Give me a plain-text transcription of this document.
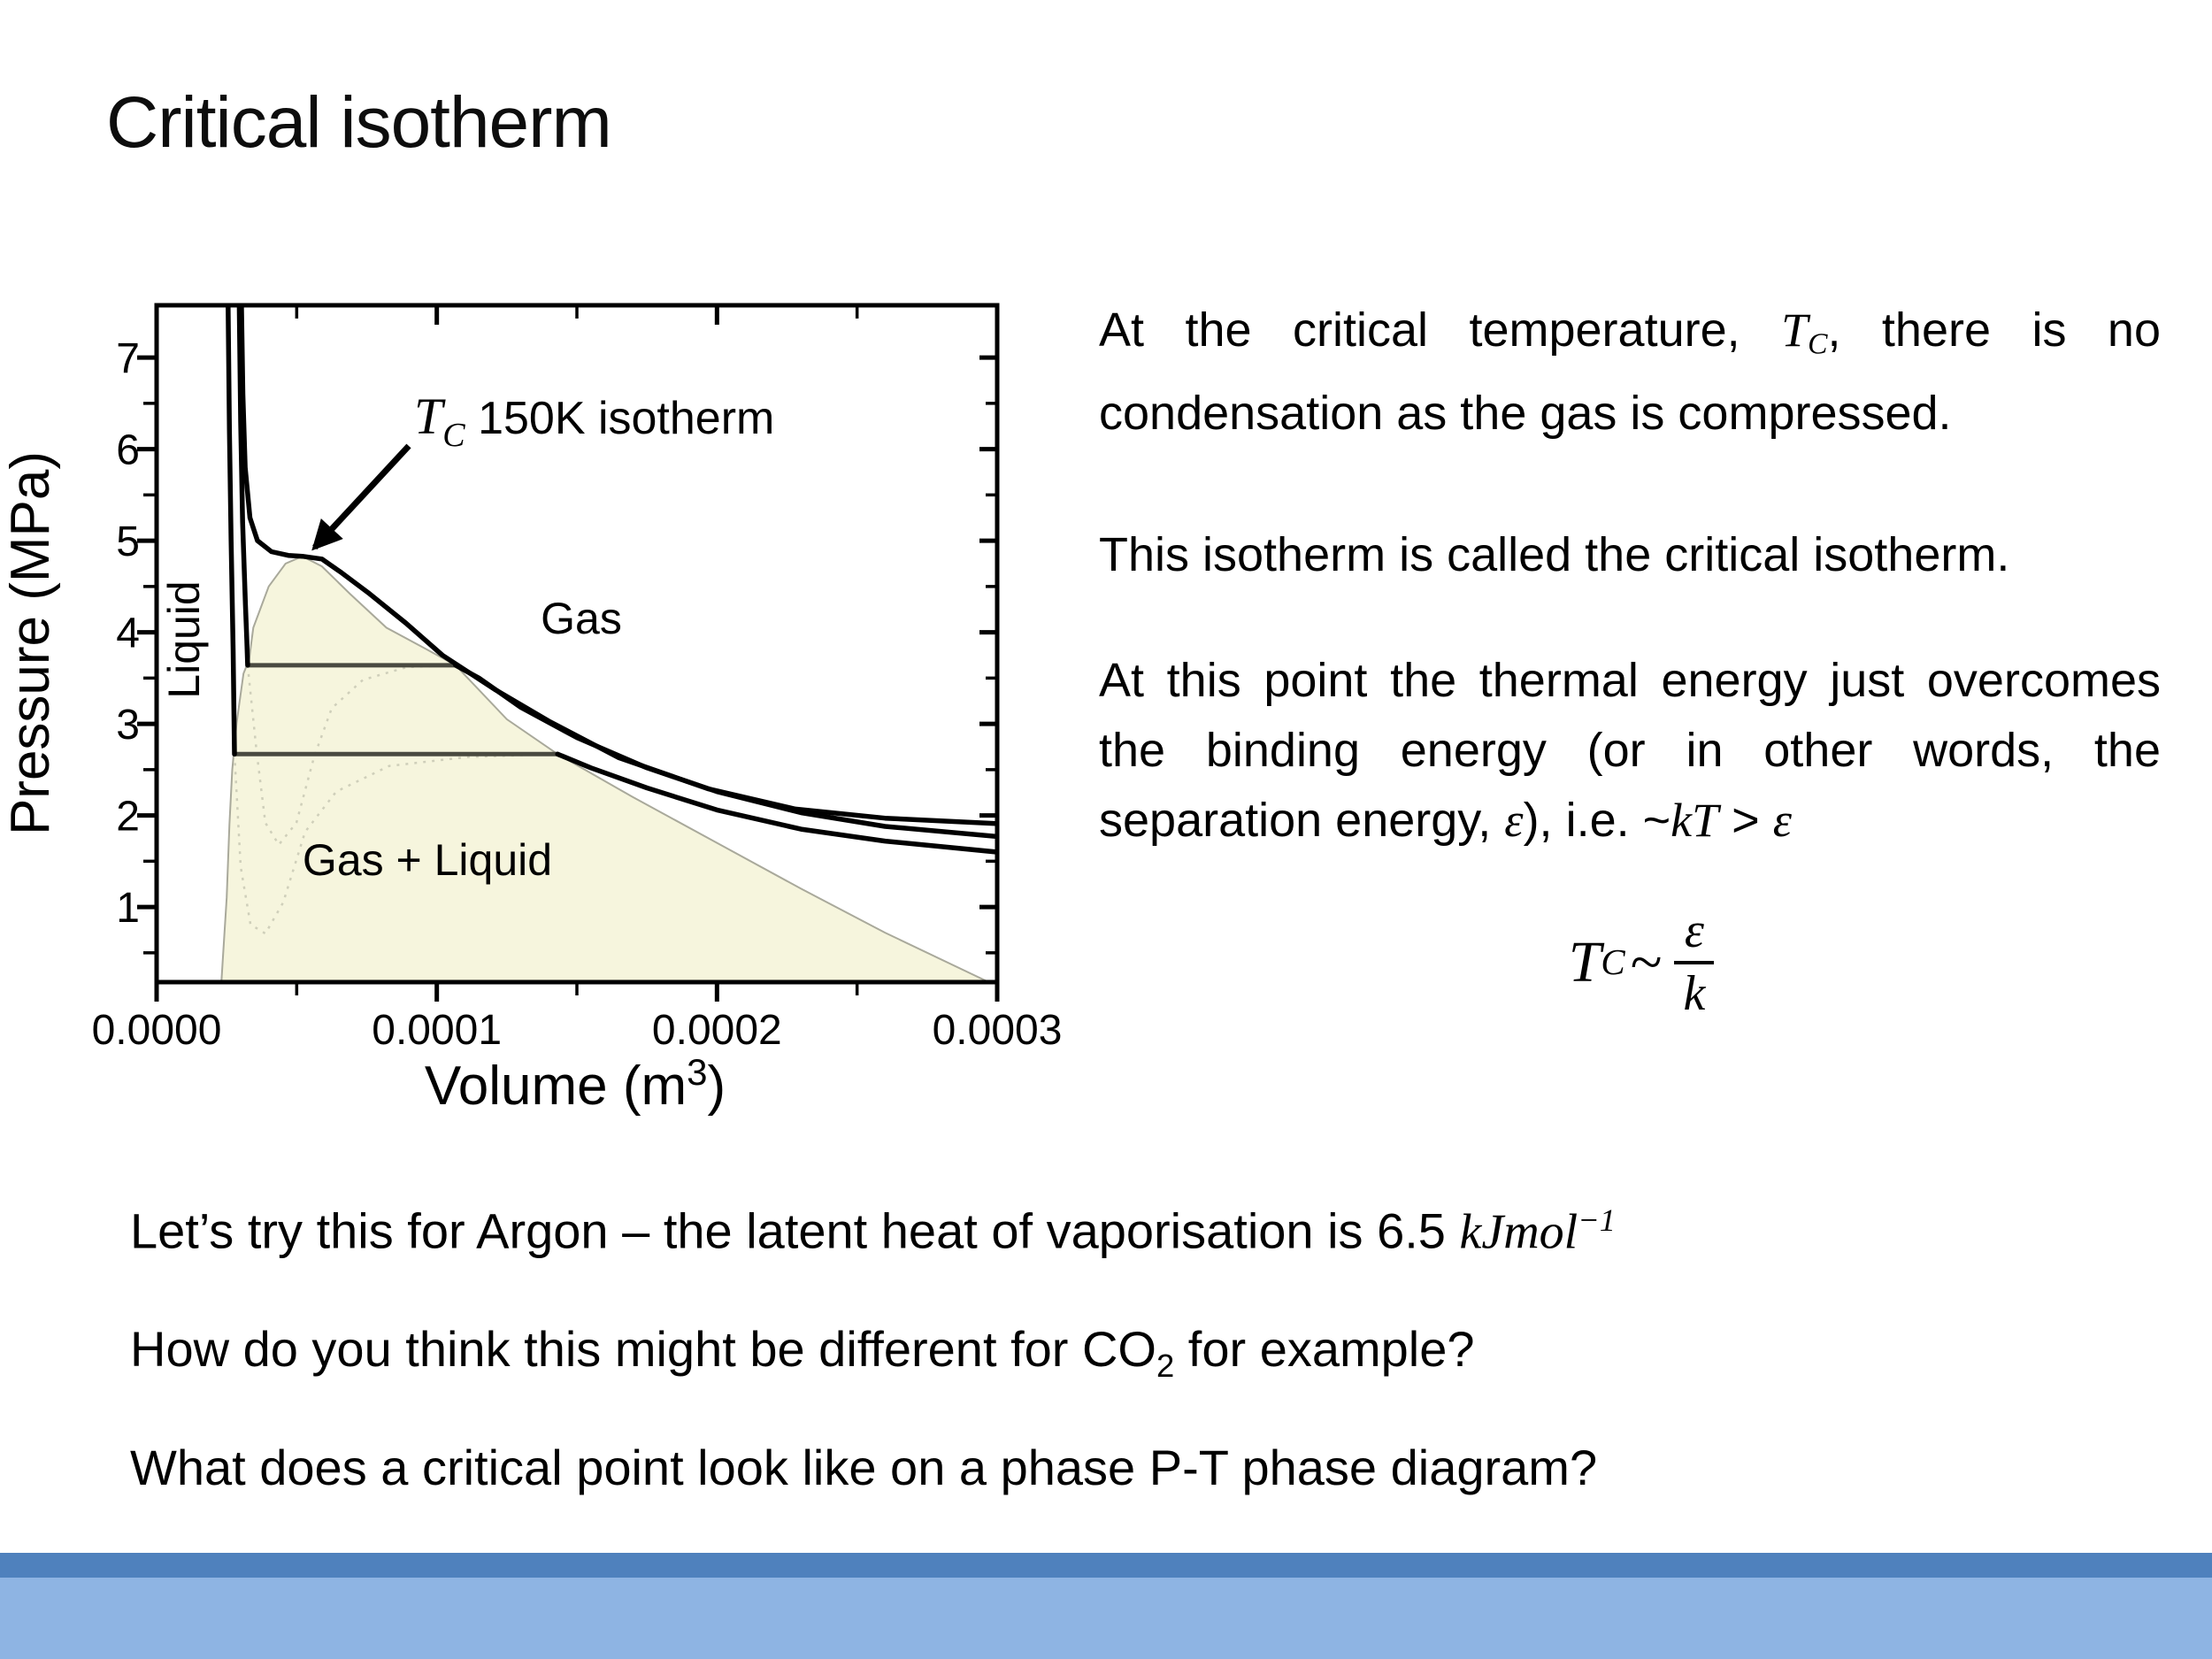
Critical isotherm
0.0000	0.0001	0.0002	0.0003
1
2
3
4
5
6
7
Pressure (MPa)
Volume $(m^3)$
Liquid	Gas
Gas + Liquid
TC 150K isotherm
At the critical temperature, TC, there is no condensation as the gas is compressed.
This isotherm is called the critical isotherm.
At this point the thermal energy just overcomes the binding energy (or in other words, the separation energy, ε), i.e. ~kT > ε
T C ~ $\frac{\varepsilon}{k}$
Let’s try this for Argon – the latent heat of vaporisation is 6.5 kJmol$^{-1}$
How do you think this might be different for $CO_2$ for example?
What does a critical point look like on a phase P-T phase diagram?
